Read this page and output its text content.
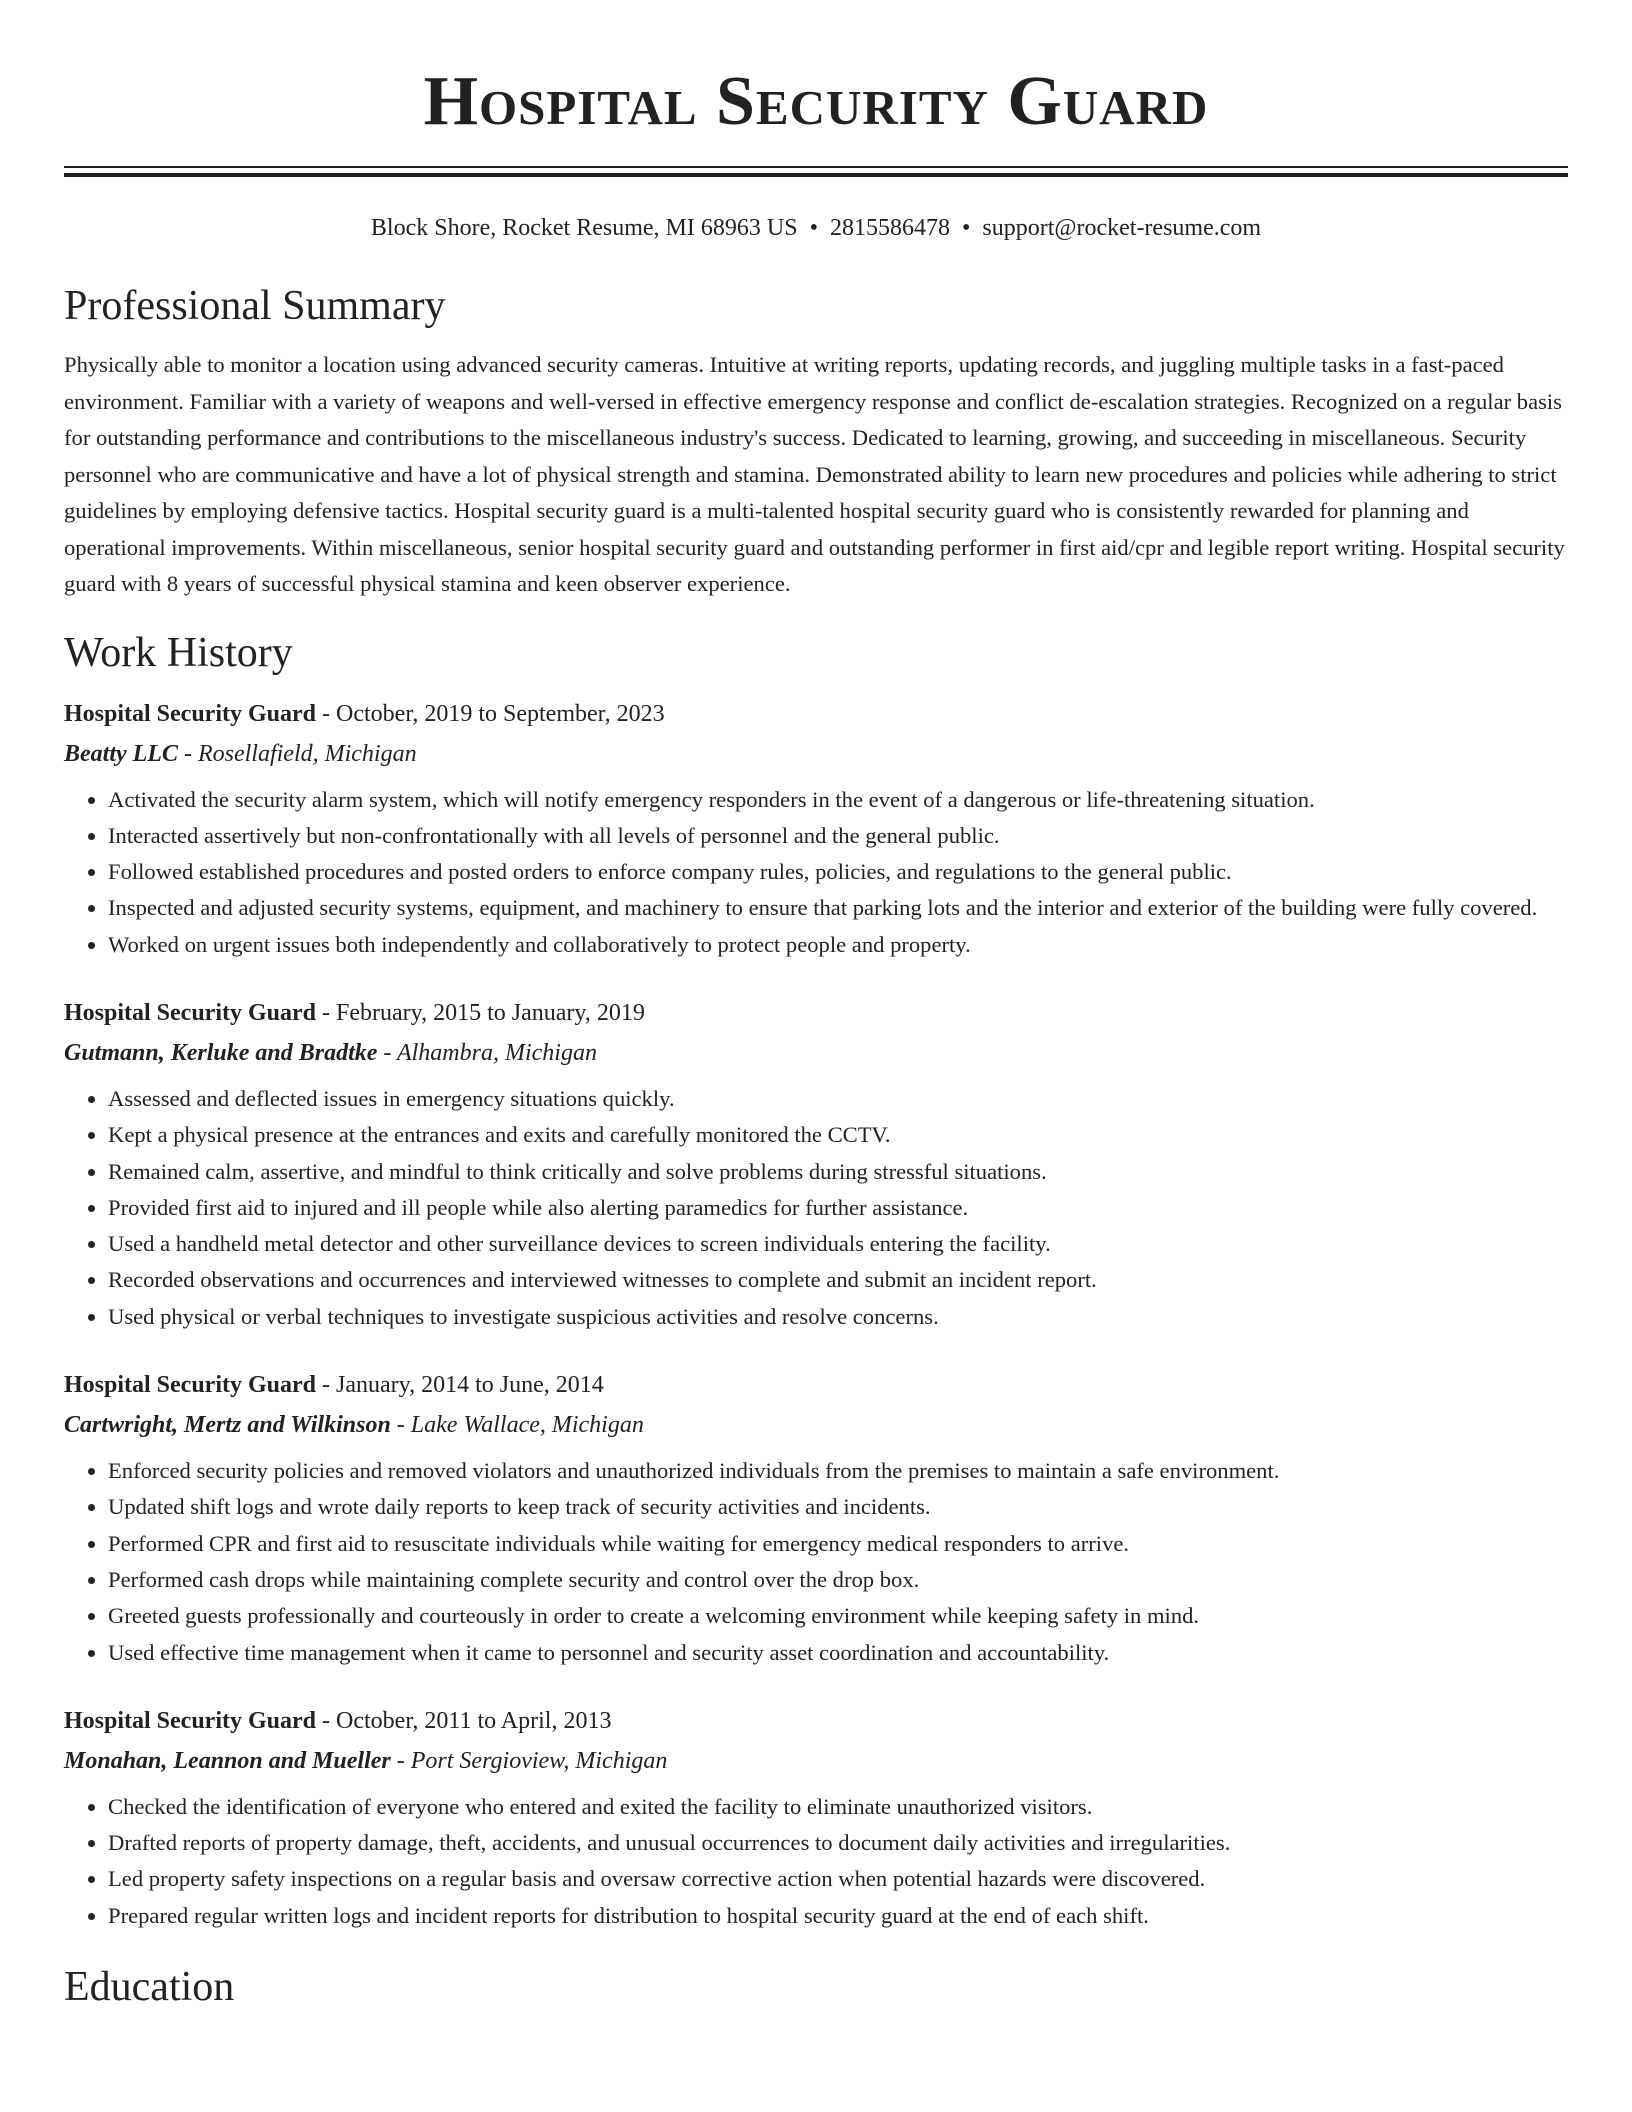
Hospital Security Guard
Block Shore, Rocket Resume, MI 68963 US • 2815586478 • support@rocket-resume.com
Professional Summary
Physically able to monitor a location using advanced security cameras. Intuitive at writing reports, updating records, and juggling multiple tasks in a fast-paced environment. Familiar with a variety of weapons and well-versed in effective emergency response and conflict de-escalation strategies. Recognized on a regular basis for outstanding performance and contributions to the miscellaneous industry's success. Dedicated to learning, growing, and succeeding in miscellaneous. Security personnel who are communicative and have a lot of physical strength and stamina. Demonstrated ability to learn new procedures and policies while adhering to strict guidelines by employing defensive tactics. Hospital security guard is a multi-talented hospital security guard who is consistently rewarded for planning and operational improvements. Within miscellaneous, senior hospital security guard and outstanding performer in first aid/cpr and legible report writing. Hospital security guard with 8 years of successful physical stamina and keen observer experience.
Work History
Hospital Security Guard - October, 2019 to September, 2023
Beatty LLC - Rosellafield, Michigan
• Activated the security alarm system, which will notify emergency responders in the event of a dangerous or life-threatening situation.
• Interacted assertively but non-confrontationally with all levels of personnel and the general public.
• Followed established procedures and posted orders to enforce company rules, policies, and regulations to the general public.
• Inspected and adjusted security systems, equipment, and machinery to ensure that parking lots and the interior and exterior of the building were fully covered.
• Worked on urgent issues both independently and collaboratively to protect people and property.
Hospital Security Guard - February, 2015 to January, 2019
Gutmann, Kerluke and Bradtke - Alhambra, Michigan
• Assessed and deflected issues in emergency situations quickly.
• Kept a physical presence at the entrances and exits and carefully monitored the CCTV.
• Remained calm, assertive, and mindful to think critically and solve problems during stressful situations.
• Provided first aid to injured and ill people while also alerting paramedics for further assistance.
• Used a handheld metal detector and other surveillance devices to screen individuals entering the facility.
• Recorded observations and occurrences and interviewed witnesses to complete and submit an incident report.
• Used physical or verbal techniques to investigate suspicious activities and resolve concerns.
Hospital Security Guard - January, 2014 to June, 2014
Cartwright, Mertz and Wilkinson - Lake Wallace, Michigan
• Enforced security policies and removed violators and unauthorized individuals from the premises to maintain a safe environment.
• Updated shift logs and wrote daily reports to keep track of security activities and incidents.
• Performed CPR and first aid to resuscitate individuals while waiting for emergency medical responders to arrive.
• Performed cash drops while maintaining complete security and control over the drop box.
• Greeted guests professionally and courteously in order to create a welcoming environment while keeping safety in mind.
• Used effective time management when it came to personnel and security asset coordination and accountability.
Hospital Security Guard - October, 2011 to April, 2013
Monahan, Leannon and Mueller - Port Sergioview, Michigan
• Checked the identification of everyone who entered and exited the facility to eliminate unauthorized visitors.
• Drafted reports of property damage, theft, accidents, and unusual occurrences to document daily activities and irregularities.
• Led property safety inspections on a regular basis and oversaw corrective action when potential hazards were discovered.
• Prepared regular written logs and incident reports for distribution to hospital security guard at the end of each shift.
Education
